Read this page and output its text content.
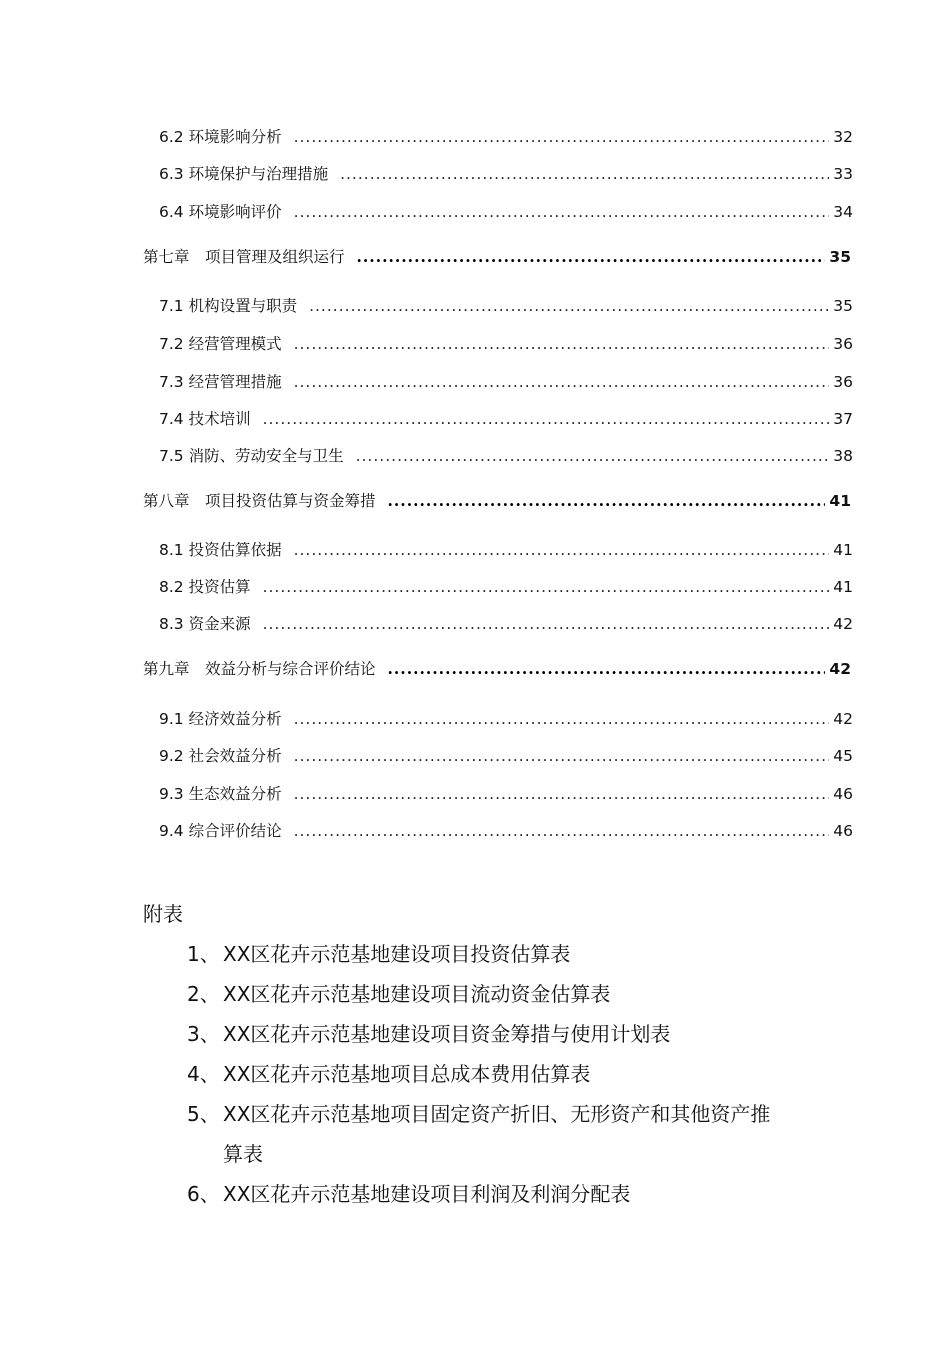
6.2 环境影响分析 .....	32
6.3 环境保护与治理措施 .....	33
6.4 环境影响评价 .....	34
第七章　项目管理及组织运行 .....	35
7.1 机构设置与职责 .....	35
7.2 经营管理模式 .....	36
7.3 经营管理措施 .....	36
7.4 技术培训 .....	37
7.5 消防、劳动安全与卫生 .....	38
第八章　项目投资估算与资金筹措 .....	41
8.1 投资估算依据 .....	41
8.2 投资估算 .....	41
8.3 资金来源 .....	42
第九章　效益分析与综合评价结论 .....	42
9.1 经济效益分析 .....	42
9.2 社会效益分析 .....	45
9.3 生态效益分析 .....	46
9.4 综合评价结论 .....	46
附表
1、 XX区花卉示范基地建设项目投资估算表
2、 XX区花卉示范基地建设项目流动资金估算表
3、 XX区花卉示范基地建设项目资金筹措与使用计划表
4、 XX区花卉示范基地项目总成本费用估算表
5、 XX区花卉示范基地项目固定资产折旧、无形资产和其他资产推
算表
6、 XX区花卉示范基地建设项目利润及利润分配表
